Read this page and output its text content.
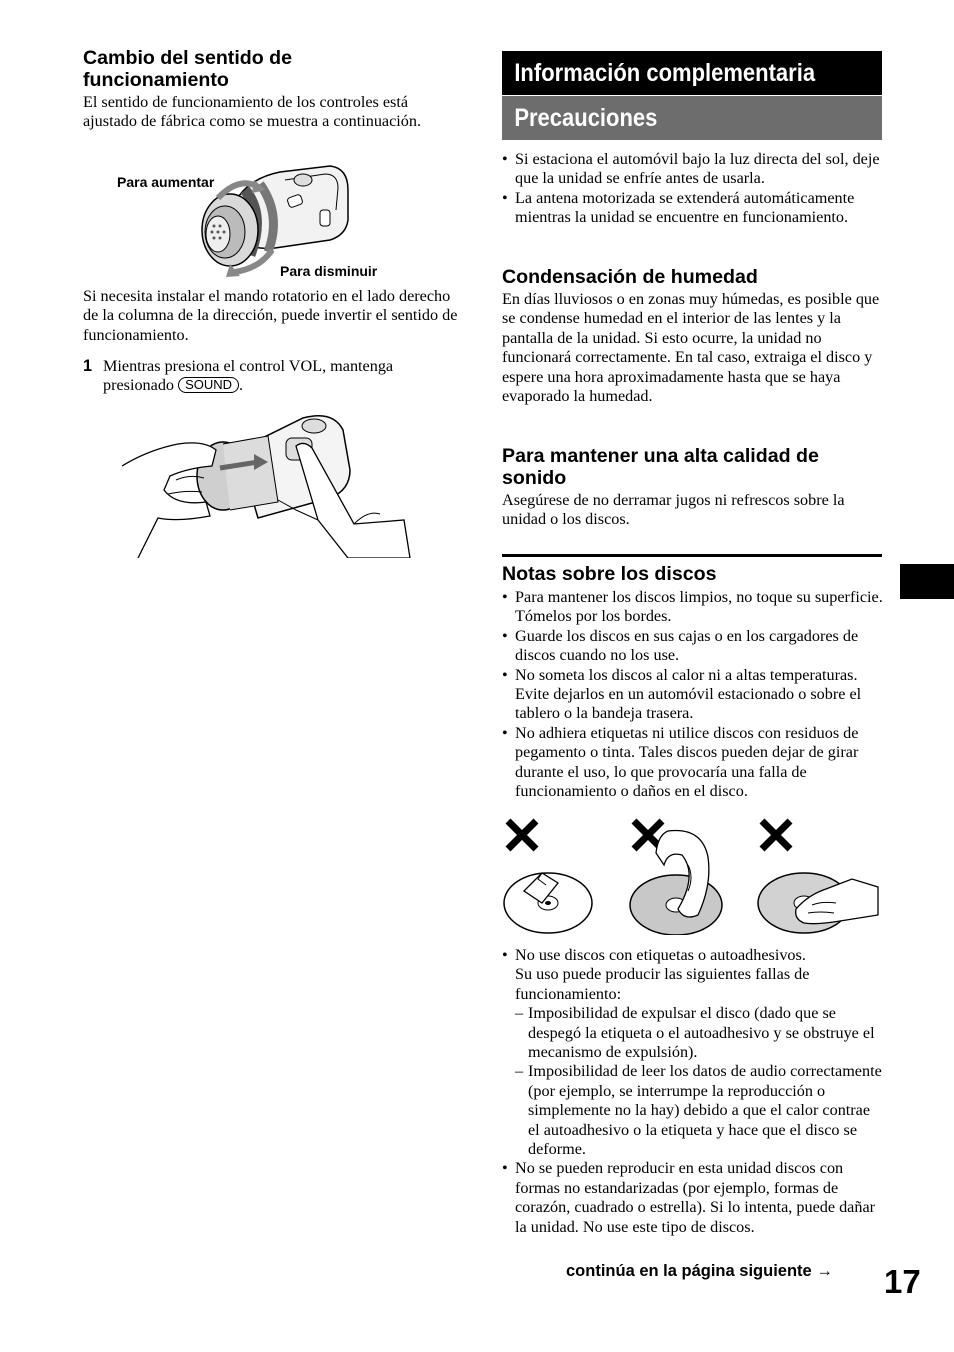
Cambio del sentido de funcionamiento

El sentido de funcionamiento de los controles está ajustado de fábrica como se muestra a continuación.

Para aumentar
Para disminuir

Si necesita instalar el mando rotatorio en el lado derecho de la columna de la dirección, puede invertir el sentido de funcionamiento.

1 Mientras presiona el control VOL, mantenga presionado SOUND .
Información complementaria
Precauciones
• Si estaciona el automóvil bajo la luz directa del sol, deje que la unidad se enfríe antes de usarla.
• La antena motorizada se extenderá automáticamente mientras la unidad se encuentre en funcionamiento.
Condensación de humedad

En días lluviosos o en zonas muy húmedas, es posible que se condense humedad en el interior de las lentes y la pantalla de la unidad. Si esto ocurre, la unidad no funcionará correctamente. En tal caso, extraiga el disco y espere una hora aproximadamente hasta que se haya evaporado la humedad.

Para mantener una alta calidad de sonido

Asegúrese de no derramar jugos ni refrescos sobre la unidad o los discos.

Notas sobre los discos
• Para mantener los discos limpios, no toque su superficie. Tómelos por los bordes.
• Guarde los discos en sus cajas o en los cargadores de discos cuando no los use.
• No someta los discos al calor ni a altas temperaturas. Evite dejarlos en un automóvil estacionado o sobre el tablero o la bandeja trasera.
• No adhiera etiquetas ni utilice discos con residuos de pegamento o tinta. Tales discos pueden dejar de girar durante el uso, lo que provocaría una falla de funcionamiento o daños en el disco.
• No use discos con etiquetas o autoadhesivos.
Su uso puede producir las siguientes fallas de funcionamiento:
– Imposibilidad de expulsar el disco (dado que se despegó la etiqueta o el autoadhesivo y se obstruye el mecanismo de expulsión).
– Imposibilidad de leer los datos de audio correctamente (por ejemplo, se interrumpe la reproducción o simplemente no la hay) debido a que el calor contrae el autoadhesivo o la etiqueta y hace que el disco se deforme.
• No se pueden reproducir en esta unidad discos con formas no estandarizadas (por ejemplo, formas de corazón, cuadrado o estrella). Si lo intenta, puede dañar la unidad. No use este tipo de discos.
continúa en la página siguiente → 17
